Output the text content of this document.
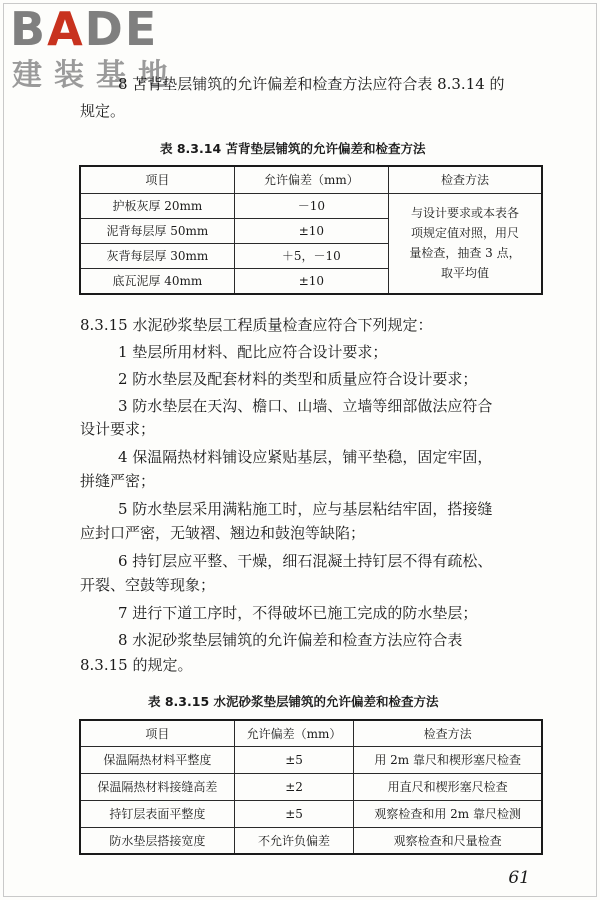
BADE
建装基地
8 苫背垫层铺筑的允许偏差和检查方法应符合表 8.3.14 的
规定。
表 8.3.14 苫背垫层铺筑的允许偏差和检查方法
项目	允许偏差（mm）	检查方法
护板灰厚 20mm	－10	与设计要求或本表各项规定值对照，用尺量检查，抽查 3 点，取平均值

泥背每层厚 50mm	±10	
灰背每层厚 30mm	＋5，－10	
底瓦泥厚 40mm	±10	
8.3.15 水泥砂浆垫层工程质量检查应符合下列规定：
1 垫层所用材料、配比应符合设计要求；
2 防水垫层及配套材料的类型和质量应符合设计要求；
3 防水垫层在天沟、檐口、山墙、立墙等细部做法应符合
设计要求；
4 保温隔热材料铺设应紧贴基层，铺平垫稳，固定牢固，
拼缝严密；
5 防水垫层采用满粘施工时，应与基层粘结牢固，搭接缝
应封口严密，无皱褶、翘边和鼓泡等缺陷；
6 持钉层应平整、干燥，细石混凝土持钉层不得有疏松、
开裂、空鼓等现象；
7 进行下道工序时，不得破坏已施工完成的防水垫层；
8 水泥砂浆垫层铺筑的允许偏差和检查方法应符合表
8.3.15 的规定。
表 8.3.15 水泥砂浆垫层铺筑的允许偏差和检查方法
项目	允许偏差（mm）	检查方法
保温隔热材料平整度	±5	用 2m 靠尺和楔形塞尺检查
保温隔热材料接缝高差	±2	用直尺和楔形塞尺检查
持钉层表面平整度	±5	观察检查和用 2m 靠尺检测
防水垫层搭接宽度	不允许负偏差	观察检查和尺量检查
61
